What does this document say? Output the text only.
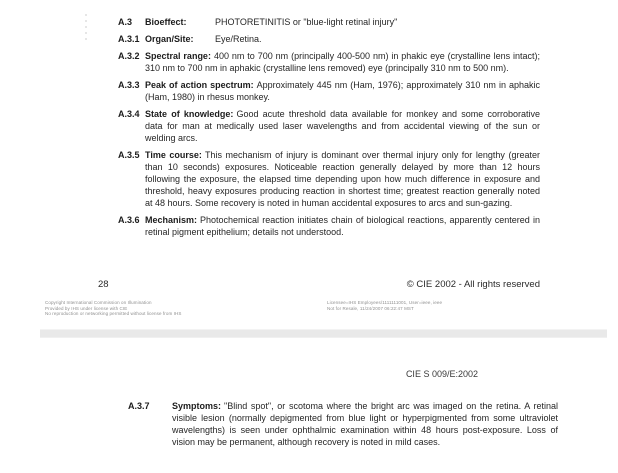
A.3	Bioeffect:	PHOTORETINITIS or "blue-light retinal injury"
A.3.1 Organ/Site: Eye/Retina.
A.3.2 Spectral range: 400 nm to 700 nm (principally 400-500 nm) in phakic eye (crystalline lens intact); 310 nm to 700 nm in aphakic (crystalline lens removed) eye (principally 310 nm to 500 nm).
A.3.3 Peak of action spectrum: Approximately 445 nm (Ham, 1976); approximately 310 nm in aphakic (Ham, 1980) in rhesus monkey.
A.3.4 State of knowledge: Good acute threshold data available for monkey and some corroborative data for man at medically used laser wavelengths and from accidental viewing of the sun or welding arcs.
A.3.5 Time course: This mechanism of injury is dominant over thermal injury only for lengthy (greater than 10 seconds) exposures. Noticeable reaction generally delayed by more than 12 hours following the exposure, the elapsed time depending upon how much difference in exposure and threshold, heavy exposures producing reaction in shortest time; greatest reaction generally noted at 48 hours. Some recovery is noted in human accidental exposures to arcs and sun-gazing.
A.3.6 Mechanism: Photochemical reaction initiates chain of biological reactions, apparently centered in retinal pigment epithelium; details not understood.
28	© CIE 2002 - All rights reserved
Copyright International Commission on Illumination
Provided by IHS under license with CIE
No reproduction or networking permitted without license from IHS
Licensee=IHS Employees/1111111001, User=ieee, ieee
Not for Resale, 11/24/2007 06:22:47 MST
CIE S 009/E:2002
A.3.7	Symptoms: "Blind spot", or scotoma where the bright arc was imaged on the retina. A retinal visible lesion (normally depigmented from blue light or hyperpigmented from some ultraviolet wavelengths) is seen under ophthalmic examination within 48 hours post-exposure. Loss of vision may be permanent, although recovery is noted in mild cases.
